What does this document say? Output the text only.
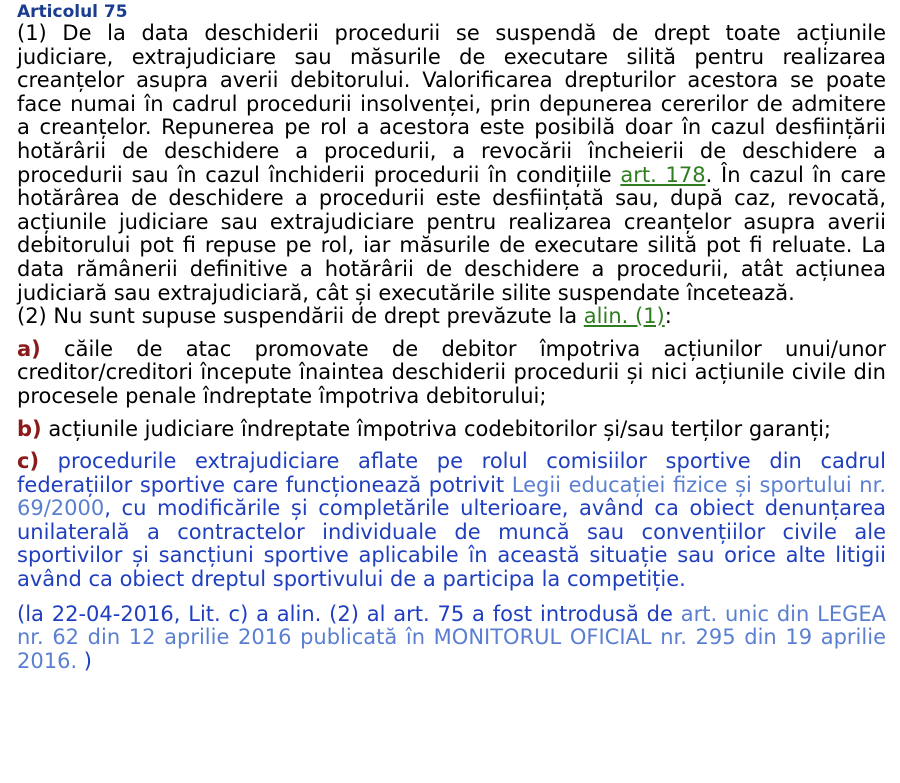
Articolul 75

(1) De la data deschiderii procedurii se suspendă de drept toate acțiunile judiciare, extrajudiciare sau măsurile de executare silită pentru realizarea creanțelor asupra averii debitorului. Valorificarea drepturilor acestora se poate face numai în cadrul procedurii insolvenței, prin depunerea cererilor de admitere a creanțelor. Repunerea pe rol a acestora este posibilă doar în cazul desființării hotărârii de deschidere a procedurii, a revocării încheierii de deschidere a procedurii sau în cazul închiderii procedurii în condițiile art. 178. În cazul în care hotărârea de deschidere a procedurii este desființată sau, după caz, revocată, acțiunile judiciare sau extrajudiciare pentru realizarea creanțelor asupra averii debitorului pot fi repuse pe rol, iar măsurile de executare silită pot fi reluate. La data rămânerii definitive a hotărârii de deschidere a procedurii, atât acțiunea judiciară sau extrajudiciară, cât și executările silite suspendate încetează.

(2) Nu sunt supuse suspendării de drept prevăzute la alin. (1):

a) căile de atac promovate de debitor împotriva acțiunilor unui/unor creditor/creditori începute înaintea deschiderii procedurii și nici acțiunile civile din procesele penale îndreptate împotriva debitorului;

b) acțiunile judiciare îndreptate împotriva codebitorilor și/sau terților garanți;

c) procedurile extrajudiciare aflate pe rolul comisiilor sportive din cadrul federațiilor sportive care funcționează potrivit Legii educației fizice și sportului nr. 69/2000, cu modificările și completările ulterioare, având ca obiect denunțarea unilaterală a contractelor individuale de muncă sau convențiilor civile ale sportivilor și sancțiuni sportive aplicabile în această situație sau orice alte litigii având ca obiect dreptul sportivului de a participa la competiție.

(la 22-04-2016, Lit. c) a alin. (2) al art. 75 a fost introdusă de art. unic din LEGEA nr. 62 din 12 aprilie 2016 publicată în MONITORUL OFICIAL nr. 295 din 19 aprilie 2016. )
